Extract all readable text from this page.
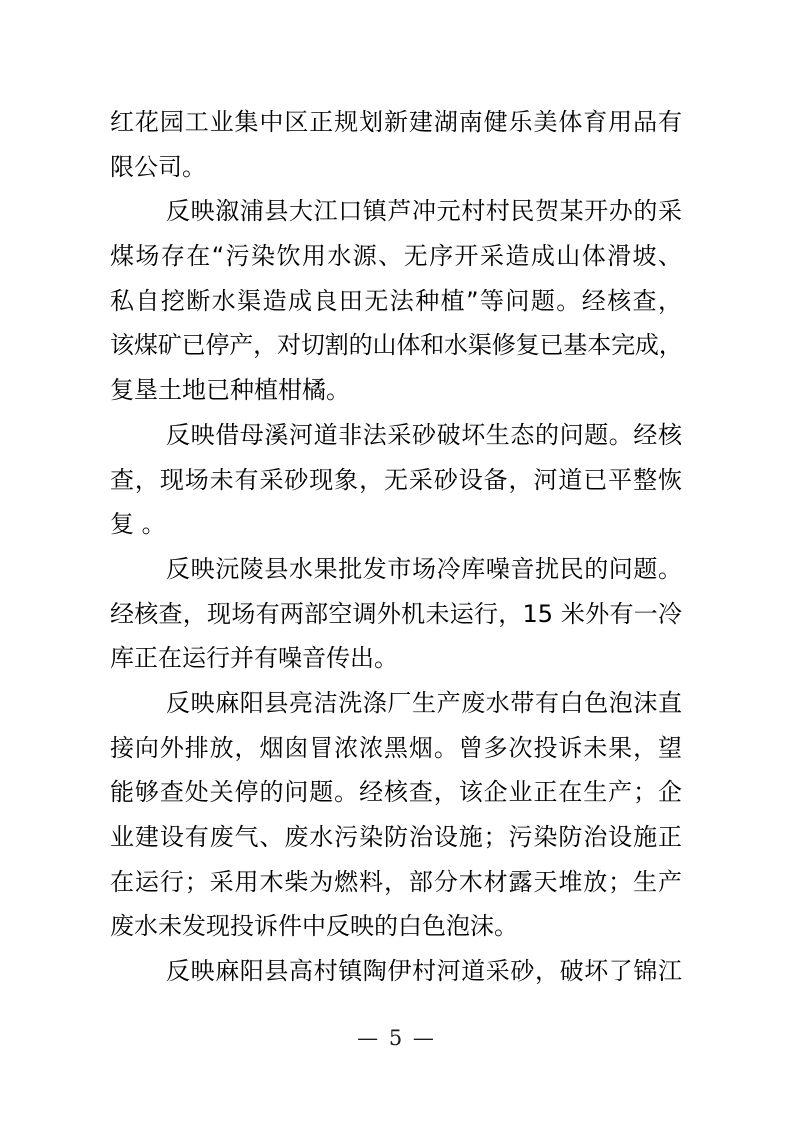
红花园工业集中区正规划新建湖南健乐美体育用品有
限公司。
反映溆浦县大江口镇芦冲元村村民贺某开办的采
煤场存在“污染饮用水源、无序开采造成山体滑坡、
私自挖断水渠造成良田无法种植”等问题。经核查，
该煤矿已停产，对切割的山体和水渠修复已基本完成，
复垦土地已种植柑橘。
反映借母溪河道非法采砂破坏生态的问题。经核
查，现场未有采砂现象，无采砂设备，河道已平整恢
复 。
反映沅陵县水果批发市场冷库噪音扰民的问题。
经核查，现场有两部空调外机未运行，15 米外有一冷
库正在运行并有噪音传出。
反映麻阳县亮洁洗涤厂生产废水带有白色泡沫直
接向外排放，烟囱冒浓浓黑烟。曾多次投诉未果，望
能够查处关停的问题。经核查，该企业正在生产；企
业建设有废气、废水污染防治设施；污染防治设施正
在运行；采用木柴为燃料，部分木材露天堆放；生产
废水未发现投诉件中反映的白色泡沫。
反映麻阳县高村镇陶伊村河道采砂，破坏了锦江
— 5 —
